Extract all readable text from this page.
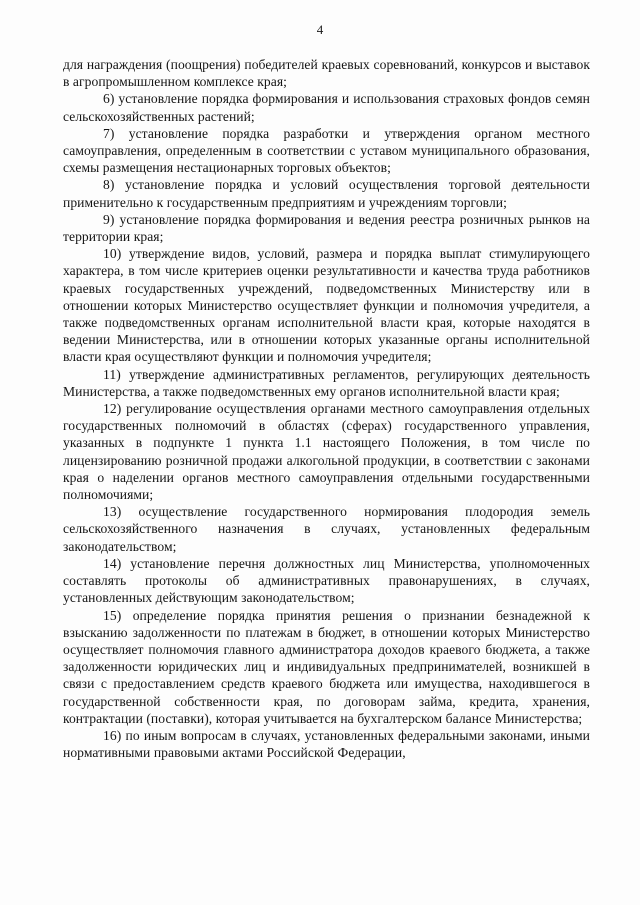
4

для награждения (поощрения) победителей краевых соревнований, конкурсов и выставок в агропромышленном комплексе края;

6) установление порядка формирования и использования страховых фондов семян сельскохозяйственных растений;

7) установление порядка разработки и утверждения органом местного самоуправления, определенным в соответствии с уставом муниципального образования, схемы размещения нестационарных торговых объектов;

8) установление порядка и условий осуществления торговой деятельности применительно к государственным предприятиям и учреждениям торговли;

9) установление порядка формирования и ведения реестра розничных рынков на территории края;

10) утверждение видов, условий, размера и порядка выплат стимулирующего характера, в том числе критериев оценки результативности и качества труда работников краевых государственных учреждений, подведомственных Министерству или в отношении которых Министерство осуществляет функции и полномочия учредителя, а также подведомственных органам исполнительной власти края, которые находятся в ведении Министерства, или в отношении которых указанные органы исполнительной власти края осуществляют функции и полномочия учредителя;

11) утверждение административных регламентов, регулирующих деятельность Министерства, а также подведомственных ему органов исполнительной власти края;

12) регулирование осуществления органами местного самоуправления отдельных государственных полномочий в областях (сферах) государственного управления, указанных в подпункте 1 пункта 1.1 настоящего Положения, в том числе по лицензированию розничной продажи алкогольной продукции, в соответствии с законами края о наделении органов местного самоуправления отдельными государственными полномочиями;

13) осуществление государственного нормирования плодородия земель сельскохозяйственного назначения в случаях, установленных федеральным законодательством;

14) установление перечня должностных лиц Министерства, уполномоченных составлять протоколы об административных правонарушениях, в случаях, установленных действующим законодательством;

15) определение порядка принятия решения о признании безнадежной к взысканию задолженности по платежам в бюджет, в отношении которых Министерство осуществляет полномочия главного администратора доходов краевого бюджета, а также задолженности юридических лиц и индивидуальных предпринимателей, возникшей в связи с предоставлением средств краевого бюджета или имущества, находившегося в государственной собственности края, по договорам займа, кредита, хранения, контрактации (поставки), которая учитывается на бухгалтерском балансе Министерства;

16) по иным вопросам в случаях, установленных федеральными законами, иными нормативными правовыми актами Российской Федерации,
